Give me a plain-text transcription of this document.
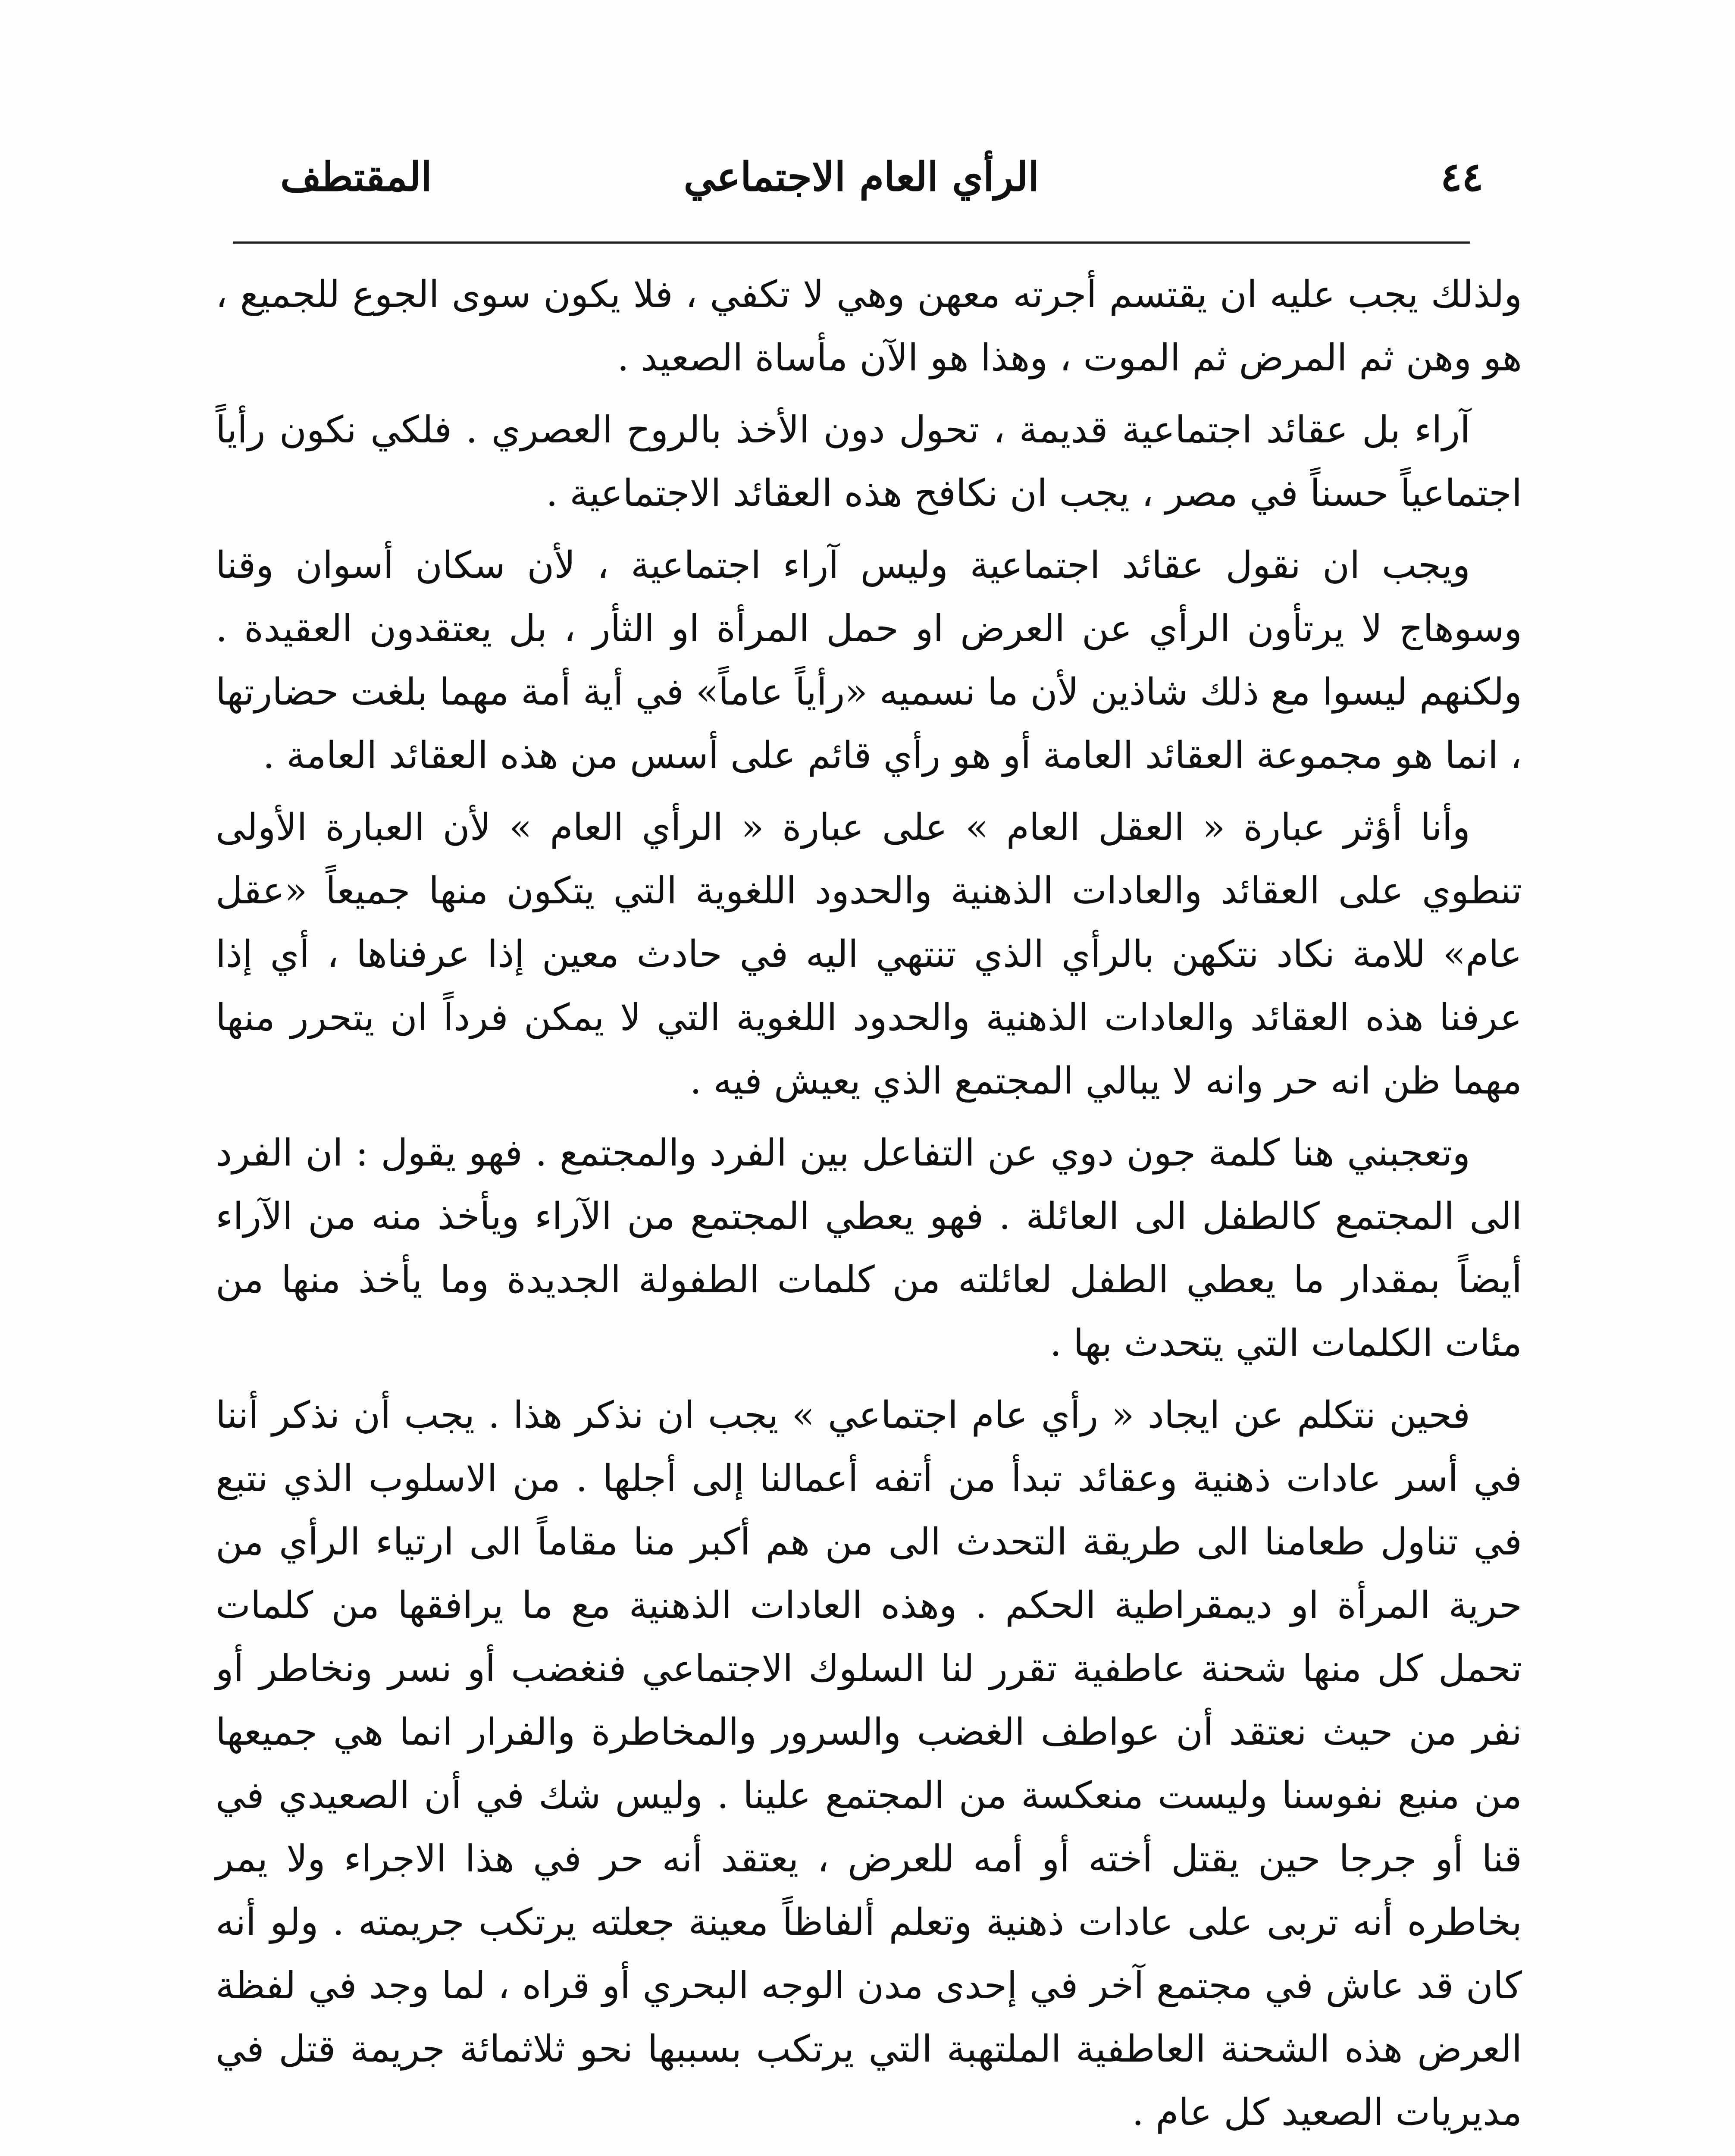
٤٤
الرأي العام الاجتماعي
المقتطف

ولذلك يجب عليه ان يقتسم أجرته معهن وهي لا تكفي ، فلا يكون سوى الجوع للجميع ، هو وهن ثم المرض ثم الموت ، وهذا هو الآن مأساة الصعيد .

آراء بل عقائد اجتماعية قديمة ، تحول دون الأخذ بالروح العصري . فلكي نكون رأياً اجتماعياً حسناً في مصر ، يجب ان نكافح هذه العقائد الاجتماعية .

ويجب ان نقول عقائد اجتماعية وليس آراء اجتماعية ، لأن سكان أسوان وقنا وسوهاج لا يرتأون الرأي عن العرض او حمل المرأة او الثأر ، بل يعتقدون العقيدة . ولكنهم ليسوا مع ذلك شاذين لأن ما نسميه «رأياً عاماً» في أية أمة مهما بلغت حضارتها ، انما هو مجموعة العقائد العامة أو هو رأي قائم على أسس من هذه العقائد العامة .

وأنا أؤثر عبارة « العقل العام » على عبارة « الرأي العام » لأن العبارة الأولى تنطوي على العقائد والعادات الذهنية والحدود اللغوية التي يتكون منها جميعاً «عقل عام» للامة نكاد نتكهن بالرأي الذي تنتهي اليه في حادث معين إذا عرفناها ، أي إذا عرفنا هذه العقائد والعادات الذهنية والحدود اللغوية التي لا يمكن فرداً ان يتحرر منها مهما ظن انه حر وانه لا يبالي المجتمع الذي يعيش فيه .

وتعجبني هنا كلمة جون دوي عن التفاعل بين الفرد والمجتمع . فهو يقول : ان الفرد الى المجتمع كالطفل الى العائلة . فهو يعطي المجتمع من الآراء ويأخذ منه من الآراء أيضاً بمقدار ما يعطي الطفل لعائلته من كلمات الطفولة الجديدة وما يأخذ منها من مئات الكلمات التي يتحدث بها .

فحين نتكلم عن ايجاد « رأي عام اجتماعي » يجب ان نذكر هذا . يجب أن نذكر أننا في أسر عادات ذهنية وعقائد تبدأ من أتفه أعمالنا إلى أجلها . من الاسلوب الذي نتبع في تناول طعامنا الى طريقة التحدث الى من هم أكبر منا مقاماً الى ارتياء الرأي من حرية المرأة او ديمقراطية الحكم . وهذه العادات الذهنية مع ما يرافقها من كلمات تحمل كل منها شحنة عاطفية تقرر لنا السلوك الاجتماعي فنغضب أو نسر ونخاطر أو نفر من حيث نعتقد أن عواطف الغضب والسرور والمخاطرة والفرار انما هي جميعها من منبع نفوسنا وليست منعكسة من المجتمع علينا . وليس شك في أن الصعيدي في قنا أو جرجا حين يقتل أخته أو أمه للعرض ، يعتقد أنه حر في هذا الاجراء ولا يمر بخاطره أنه تربى على عادات ذهنية وتعلم ألفاظاً معينة جعلته يرتكب جريمته . ولو أنه كان قد عاش في مجتمع آخر في إحدى مدن الوجه البحري أو قراه ، لما وجد في لفظة العرض هذه الشحنة العاطفية الملتهبة التي يرتكب بسببها نحو ثلاثمائة جريمة قتل في مديريات الصعيد كل عام .
